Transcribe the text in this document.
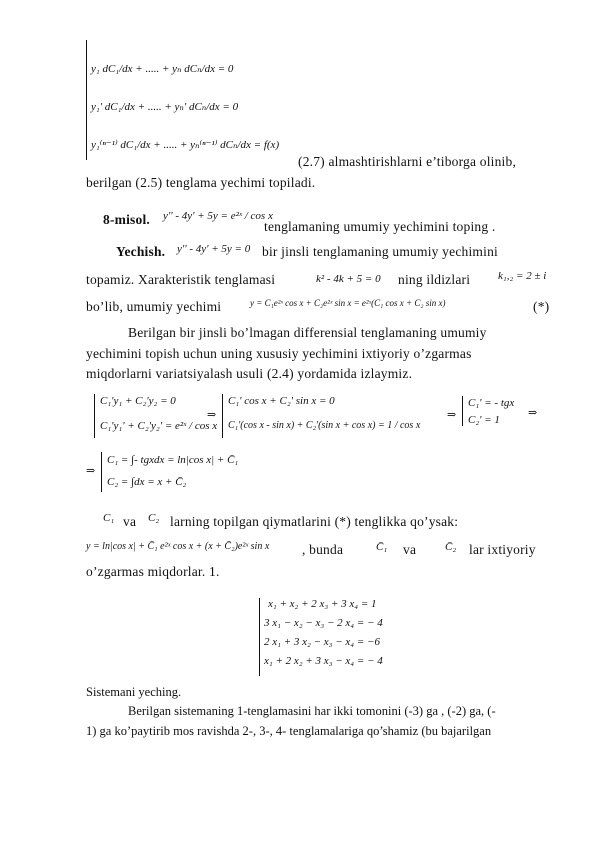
y₁ dC₁/dx + ..... + yₙ dCₙ/dx = 0
y₁' dC₁/dx + ..... + yₙ' dCₙ/dx = 0
y₁⁽ⁿ⁻¹⁾ dC₁/dx + ..... + yₙ⁽ⁿ⁻¹⁾ dCₙ/dx = f(x)
(2.7) almashtirishlarni e’tiborga olinib,
berilgan (2.5) tenglama yechimi topiladi.
8-misol. y'' - 4y' + 5y = e²ˣ / cos x
tenglamaning umumiy yechimini toping .
Yechish. y'' - 4y' + 5y = 0 bir jinsli tenglamaning umumiy yechimini
topamiz. Xarakteristik tenglamasi	k² - 4k + 5 = 0 ning ildizlari	k₁,₂ = 2 ± i
bo’lib, umumiy yechimi	y = C₁e²ˣ cos x + C₂e²ˣ sin x = e²ˣ(C₁ cos x + C₂ sin x)	(*)
Berilgan bir jinsli bo’lmagan differensial tenglamaning umumiy
yechimini topish uchun uning xususiy yechimini ixtiyoriy o’zgarmas
miqdorlarni variatsiyalash usuli (2.4) yordamida izlaymiz.
C₁'y₁ + C₂'y₂ = 0
C₁'y₁' + C₂'y₂' = e²ˣ / cos x
⇒
C₁' cos x + C₂' sin x = 0
C₁'(cos x - sin x) + C₂'(sin x + cos x) = 1 / cos x
⇒
C₁' = - tgx
C₂' = 1
⇒
⇒
C₁ = ∫- tgxdx = ln|cos x| + C̄₁
C₂ = ∫dx = x + C̄₂
C₁ va C₂ larning topilgan qiymatlarini (*) tenglikka qo’ysak:
y = ln|cos x| + C̄₁ e²ˣ cos x + (x + C̄₂)e²ˣ sin x , bunda	C̄₁ va	C̄₂ lar ixtiyoriy
o’zgarmas miqdorlar. 1.
x₁ + x₂ + 2 x₃ + 3 x₄ = 1
3 x₁ − x₂ − x₃ − 2 x₄ = − 4
2 x₁ + 3 x₂ − x₃ − x₄ = −6
x₁ + 2 x₂ + 3 x₃ − x₄ = − 4
Sistemani yeching.
Berilgan sistemaning 1-tenglamasini har ikki tomonini (-3) ga , (-2) ga, (-
1) ga ko’paytirib mos ravishda 2-, 3-, 4- tenglamalariga qo’shamiz (bu bajarilgan
